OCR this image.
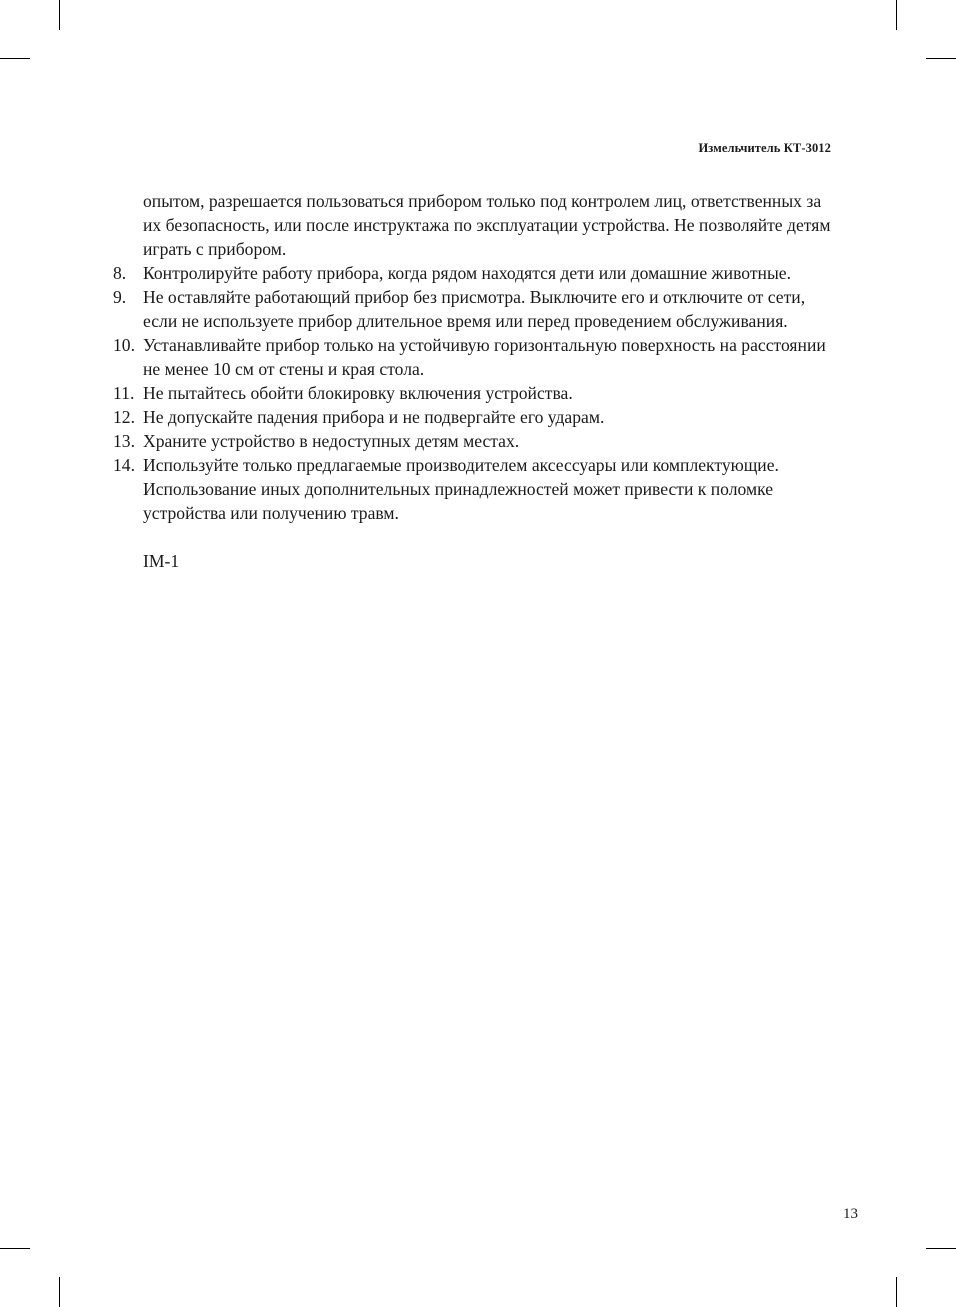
Измельчитель КТ-3012

опытом, разрешается пользоваться прибором только под контролем лиц, ответственных за их безопасность, или после инструктажа по эксплуатации устройства. Не позволяйте детям играть с прибором.

8. Контролируйте работу прибора, когда рядом находятся дети или домашние животные.
9. Не оставляйте работающий прибор без присмотра. Выключите его и отключите от сети, если не используете прибор длительное время или перед проведением обслуживания.
10. Устанавливайте прибор только на устойчивую горизонтальную поверхность на расстоянии не менее 10 см от стены и края стола.
11. Не пытайтесь обойти блокировку включения устройства.
12. Не допускайте падения прибора и не подвергайте его ударам.
13. Храните устройство в недоступных детям местах.
14. Используйте только предлагаемые производителем аксессуары или комплектующие. Использование иных дополнительных принадлежностей может привести к поломке устройства или получению травм.

IM-1

13
